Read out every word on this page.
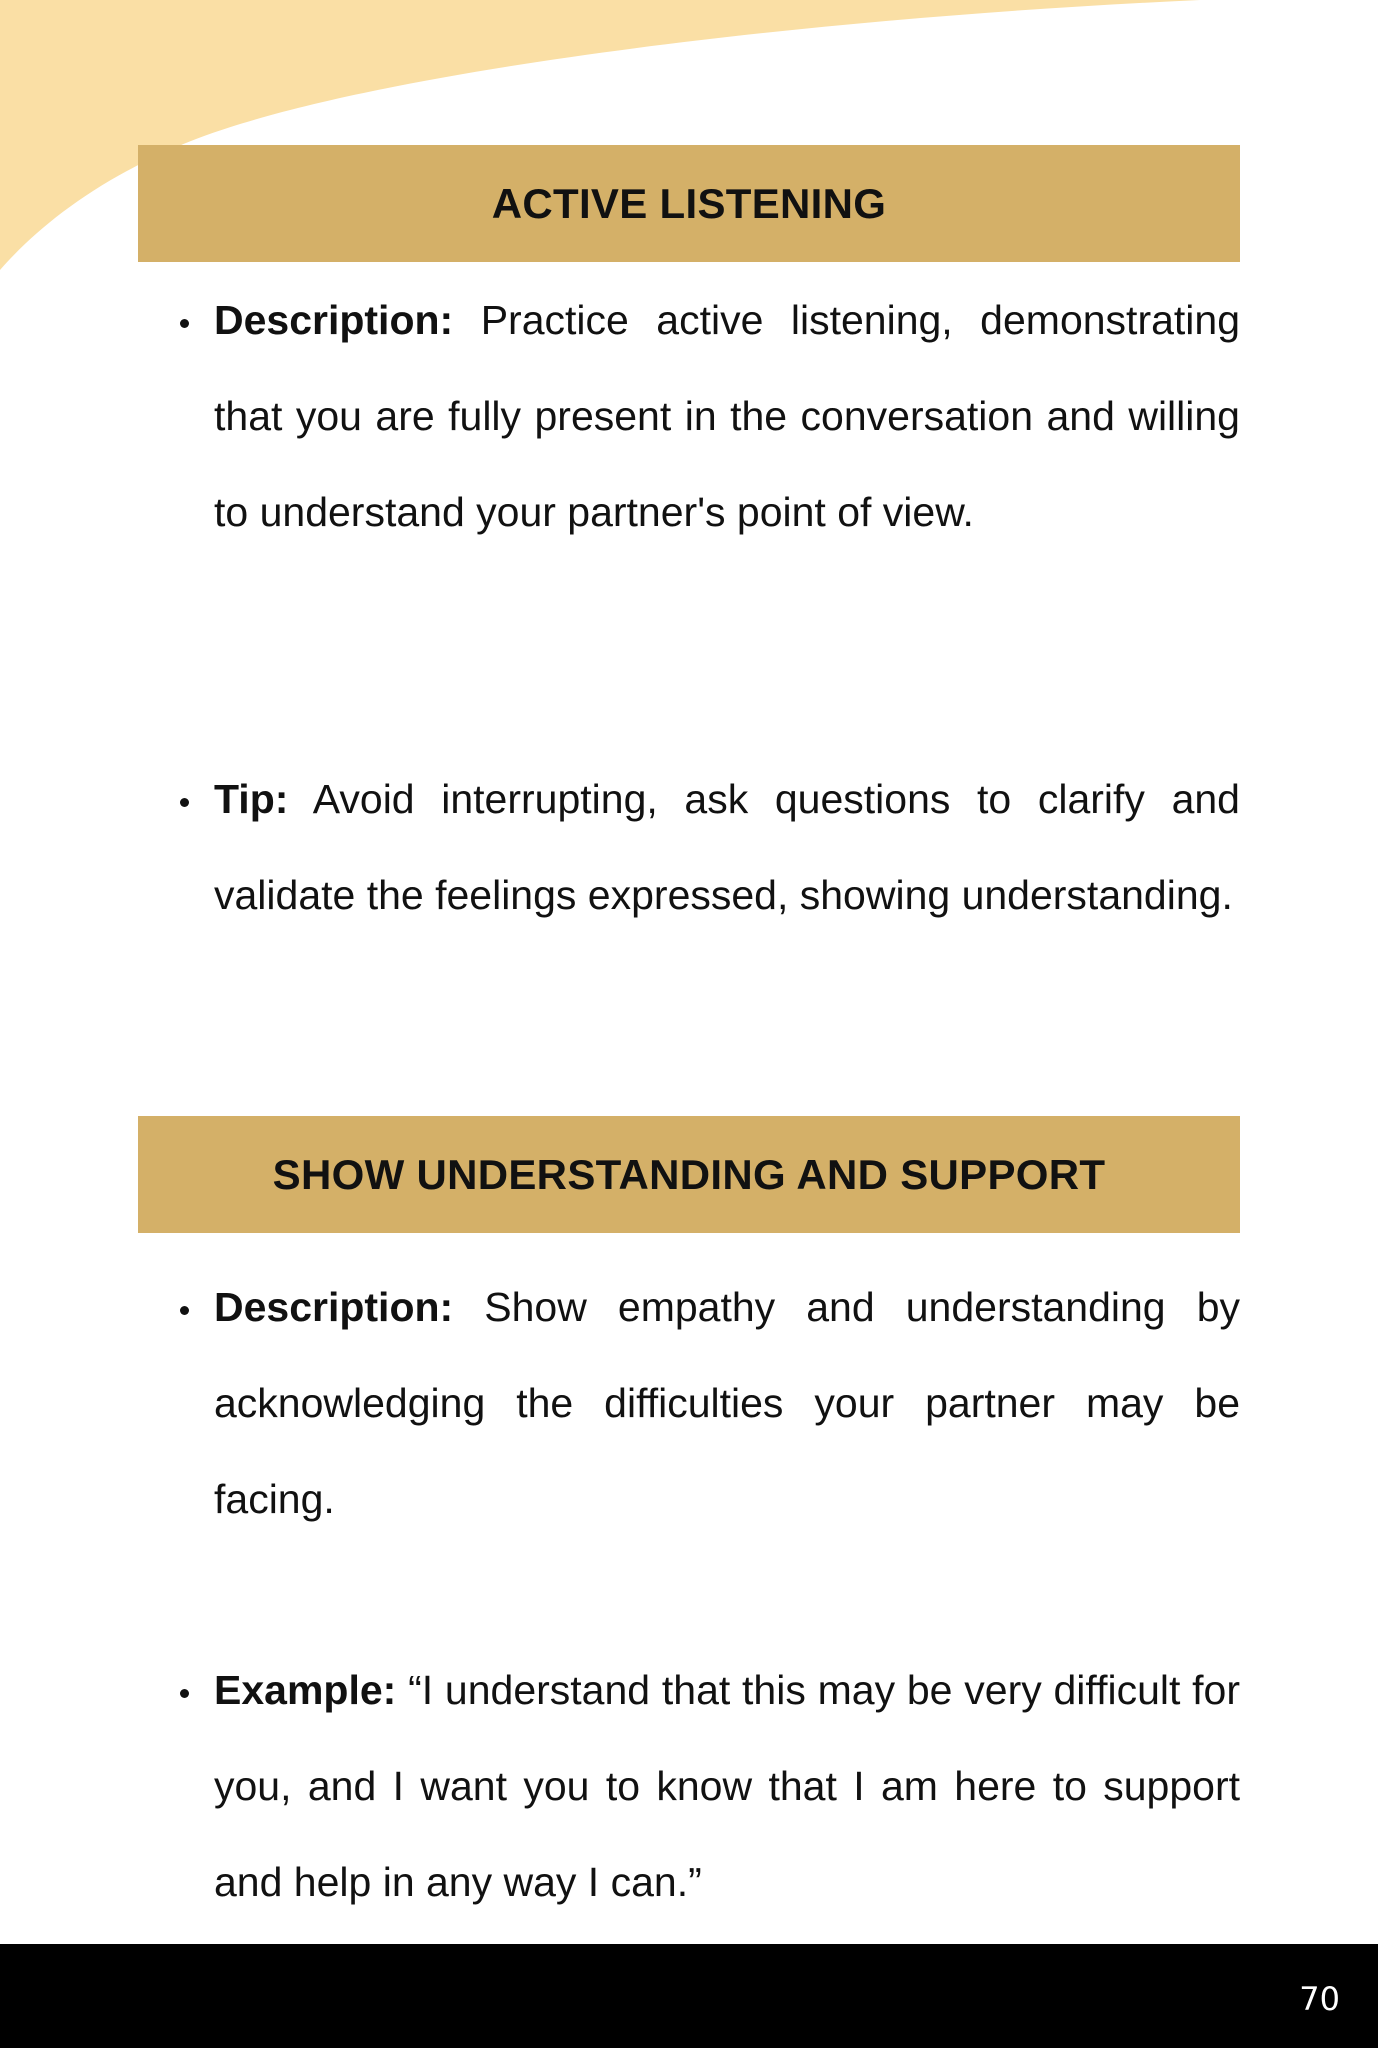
ACTIVE LISTENING

Description: Practice active listening, demonstrating that you are fully present in the conversation and willing to understand your partner's point of view.

Tip: Avoid interrupting, ask questions to clarify and validate the feelings expressed, showing understanding.

SHOW UNDERSTANDING AND SUPPORT

Description: Show empathy and understanding by acknowledging the difficulties your partner may be facing.

Example: “I understand that this may be very difficult for you, and I want you to know that I am here to support and help in any way I can.”

70
